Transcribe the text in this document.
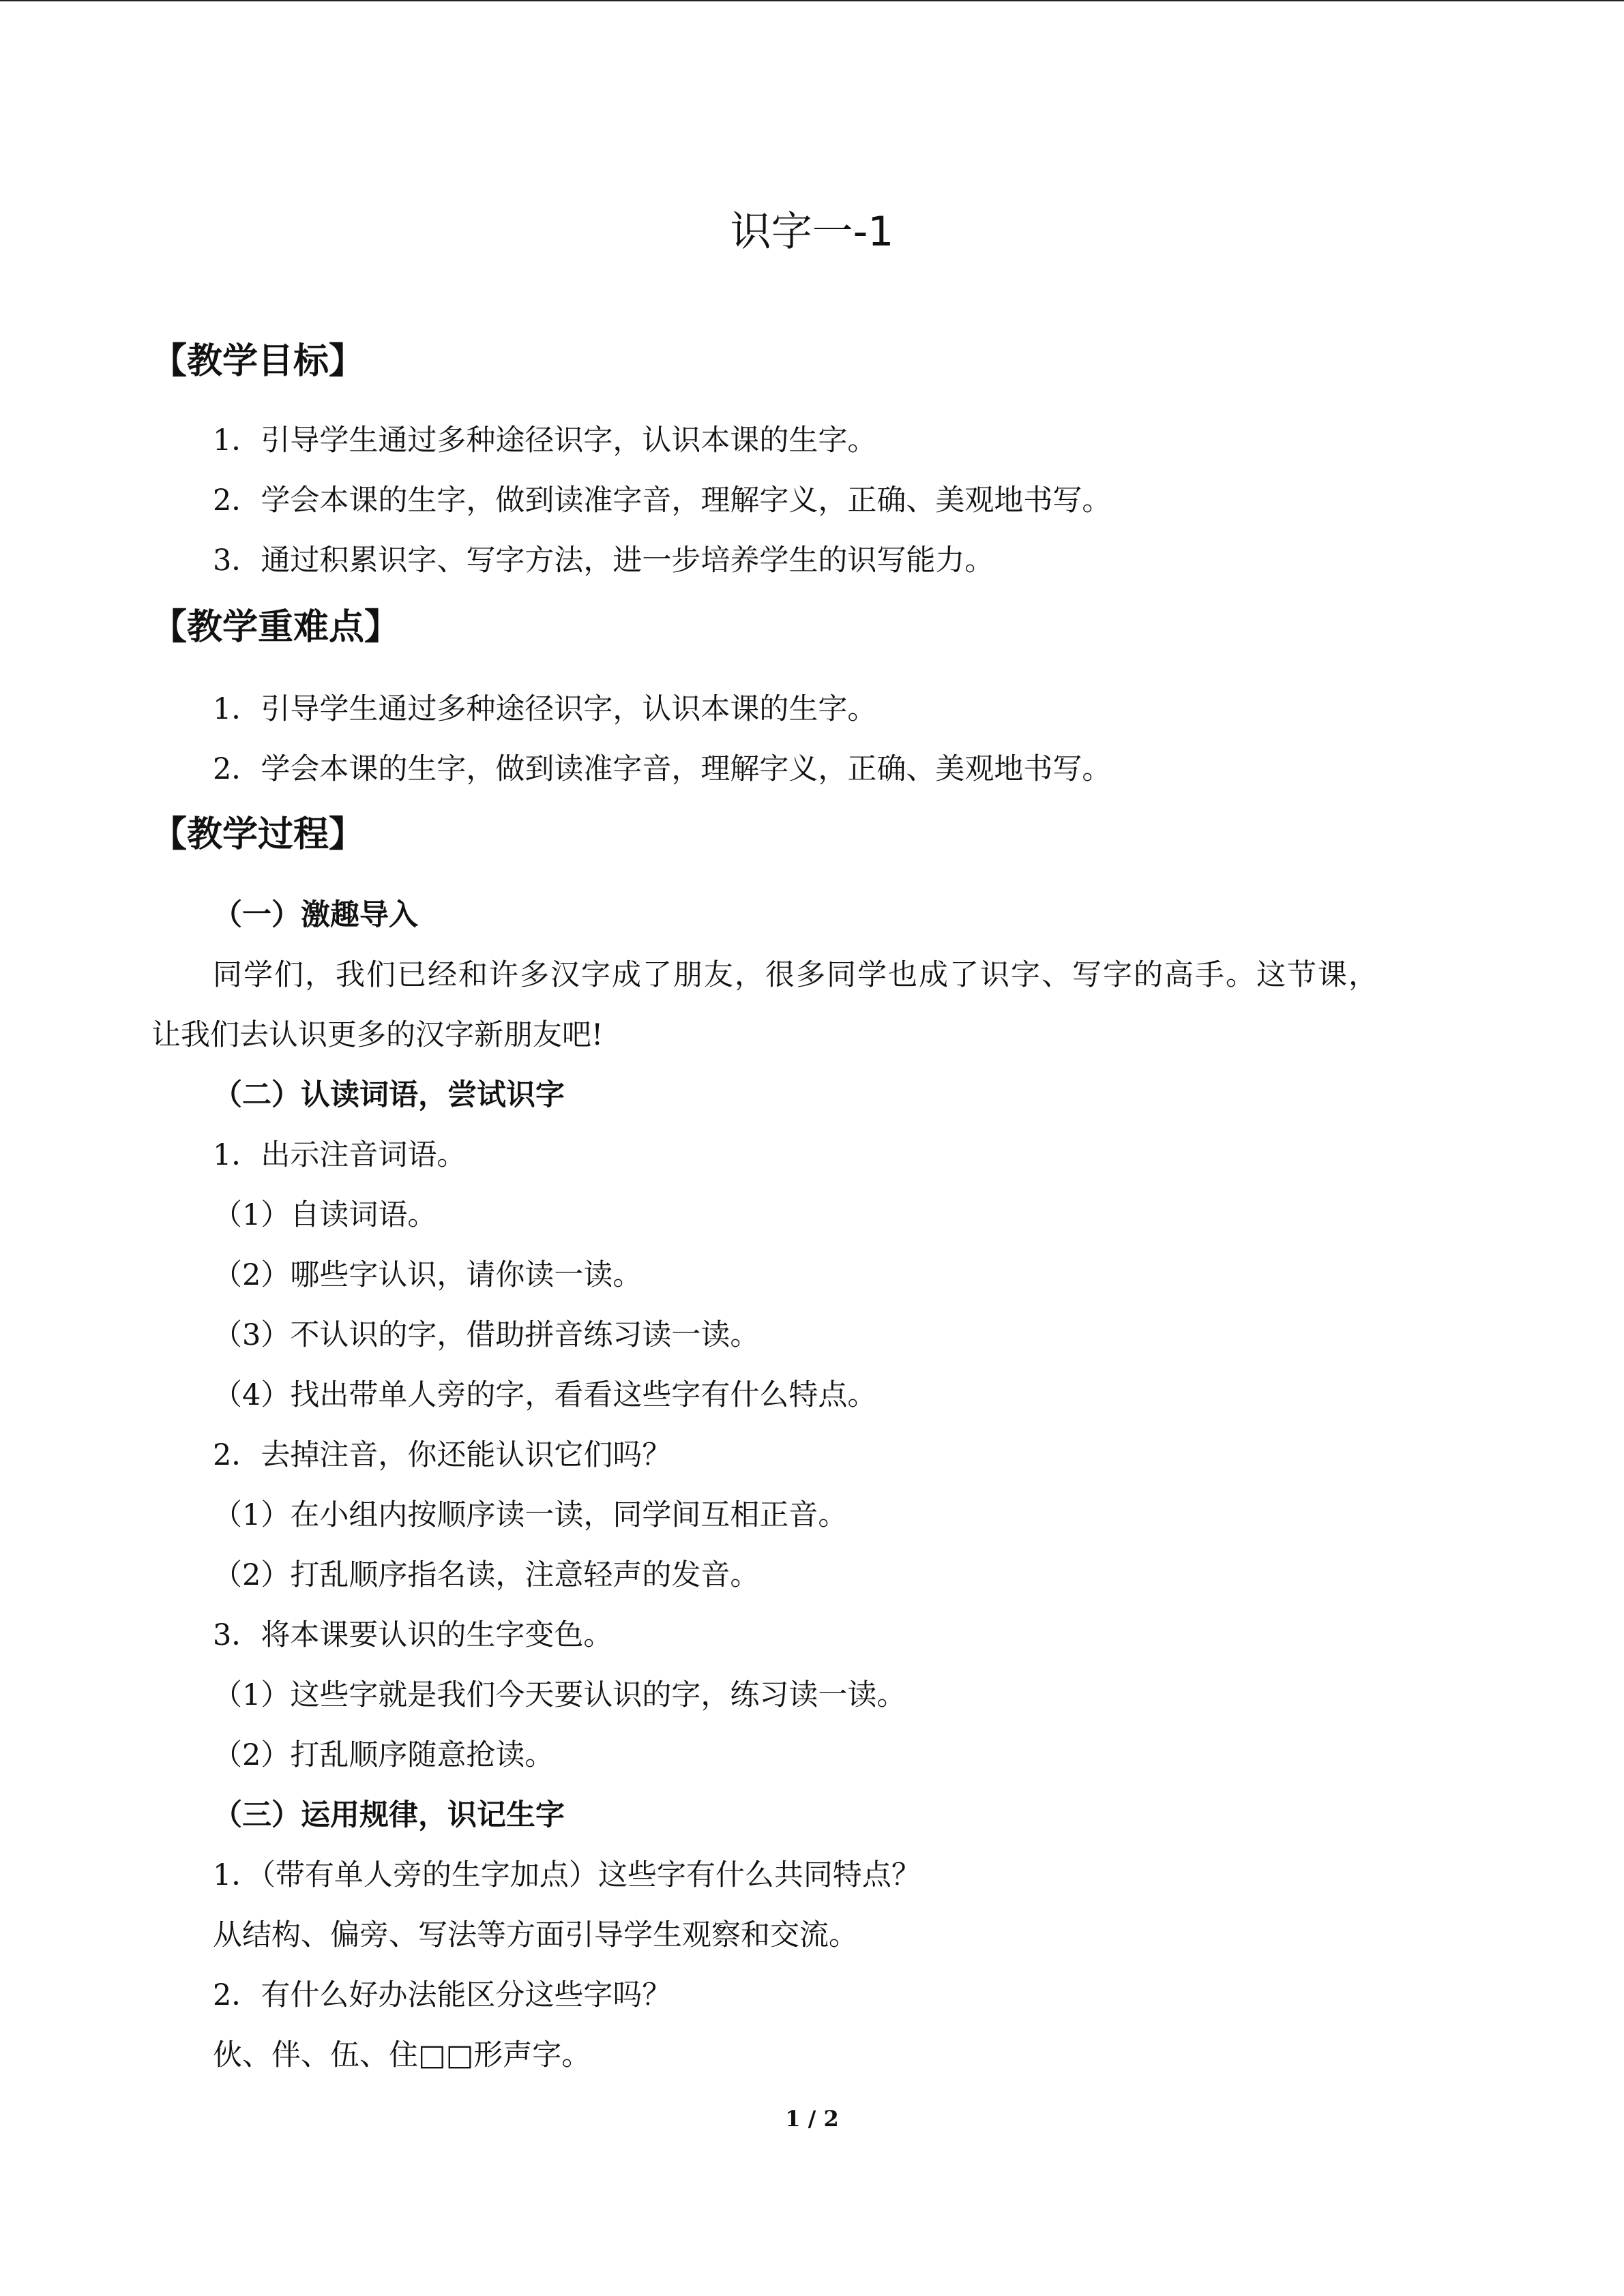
识字一-1
【教学目标】
1．引导学生通过多种途径识字，认识本课的生字。
2．学会本课的生字，做到读准字音，理解字义，正确、美观地书写。
3．通过积累识字、写字方法，进一步培养学生的识写能力。
【教学重难点】
1．引导学生通过多种途径识字，认识本课的生字。
2．学会本课的生字，做到读准字音，理解字义，正确、美观地书写。
【教学过程】
（一）激趣导入
同学们，我们已经和许多汉字成了朋友，很多同学也成了识字、写字的高手。这节课，
让我们去认识更多的汉字新朋友吧!
（二）认读词语，尝试识字
1．出示注音词语。
（1）自读词语。
（2）哪些字认识，请你读一读。
（3）不认识的字，借助拼音练习读一读。
（4）找出带单人旁的字，看看这些字有什么特点。
2．去掉注音，你还能认识它们吗？
（1）在小组内按顺序读一读，同学间互相正音。
（2）打乱顺序指名读，注意轻声的发音。
3．将本课要认识的生字变色。
（1）这些字就是我们今天要认识的字，练习读一读。
（2）打乱顺序随意抢读。
（三）运用规律，识记生字
1．（带有单人旁的生字加点）这些字有什么共同特点？
从结构、偏旁、写法等方面引导学生观察和交流。
2．有什么好办法能区分这些字吗？
伙、伴、伍、住□□形声字。
1 / 2
